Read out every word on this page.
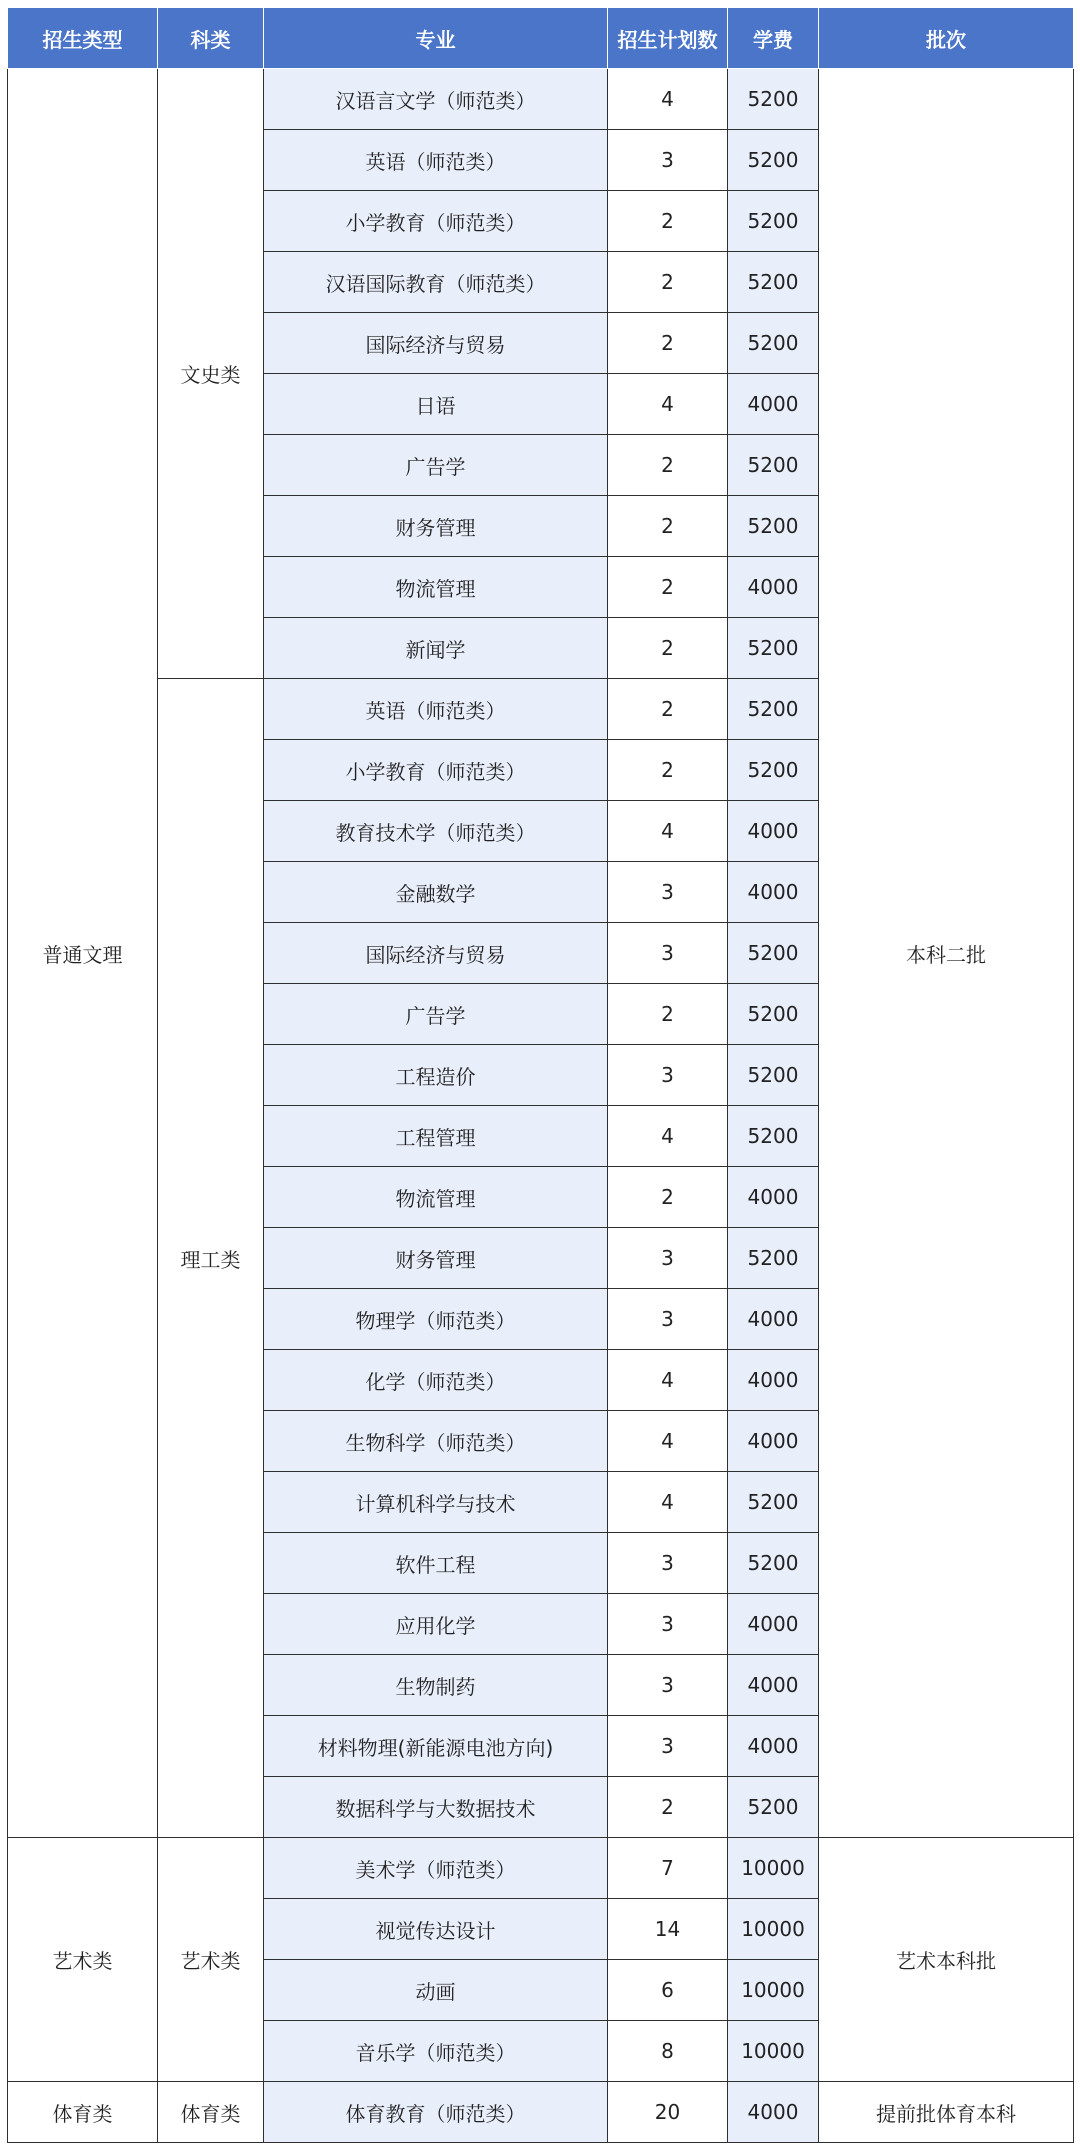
招生类型	科类	专业	招生计划数	学费	批次
普通文理	文史类	汉语言文学（师范类）	4	5200	本科二批
		英语（师范类）	3	5200	
		小学教育（师范类）	2	5200	
		汉语国际教育（师范类）	2	5200	
		国际经济与贸易	2	5200	
		日语	4	4000	
		广告学	2	5200	
		财务管理	2	5200	
		物流管理	2	4000	
		新闻学	2	5200	
	理工类	英语（师范类）	2	5200	
		小学教育（师范类）	2	5200	
		教育技术学（师范类）	4	4000	
		金融数学	3	4000	
		国际经济与贸易	3	5200	
		广告学	2	5200	
		工程造价	3	5200	
		工程管理	4	5200	
		物流管理	2	4000	
		财务管理	3	5200	
		物理学（师范类）	3	4000	
		化学（师范类）	4	4000	
		生物科学（师范类）	4	4000	
		计算机科学与技术	4	5200	
		软件工程	3	5200	
		应用化学	3	4000	
		生物制药	3	4000	
		材料物理(新能源电池方向)	3	4000	
		数据科学与大数据技术	2	5200	
艺术类	艺术类	美术学（师范类）	7	10000	艺术本科批
		视觉传达设计	14	10000	
		动画	6	10000	
		音乐学（师范类）	8	10000	
体育类	体育类	体育教育（师范类）	20	4000	提前批体育本科
